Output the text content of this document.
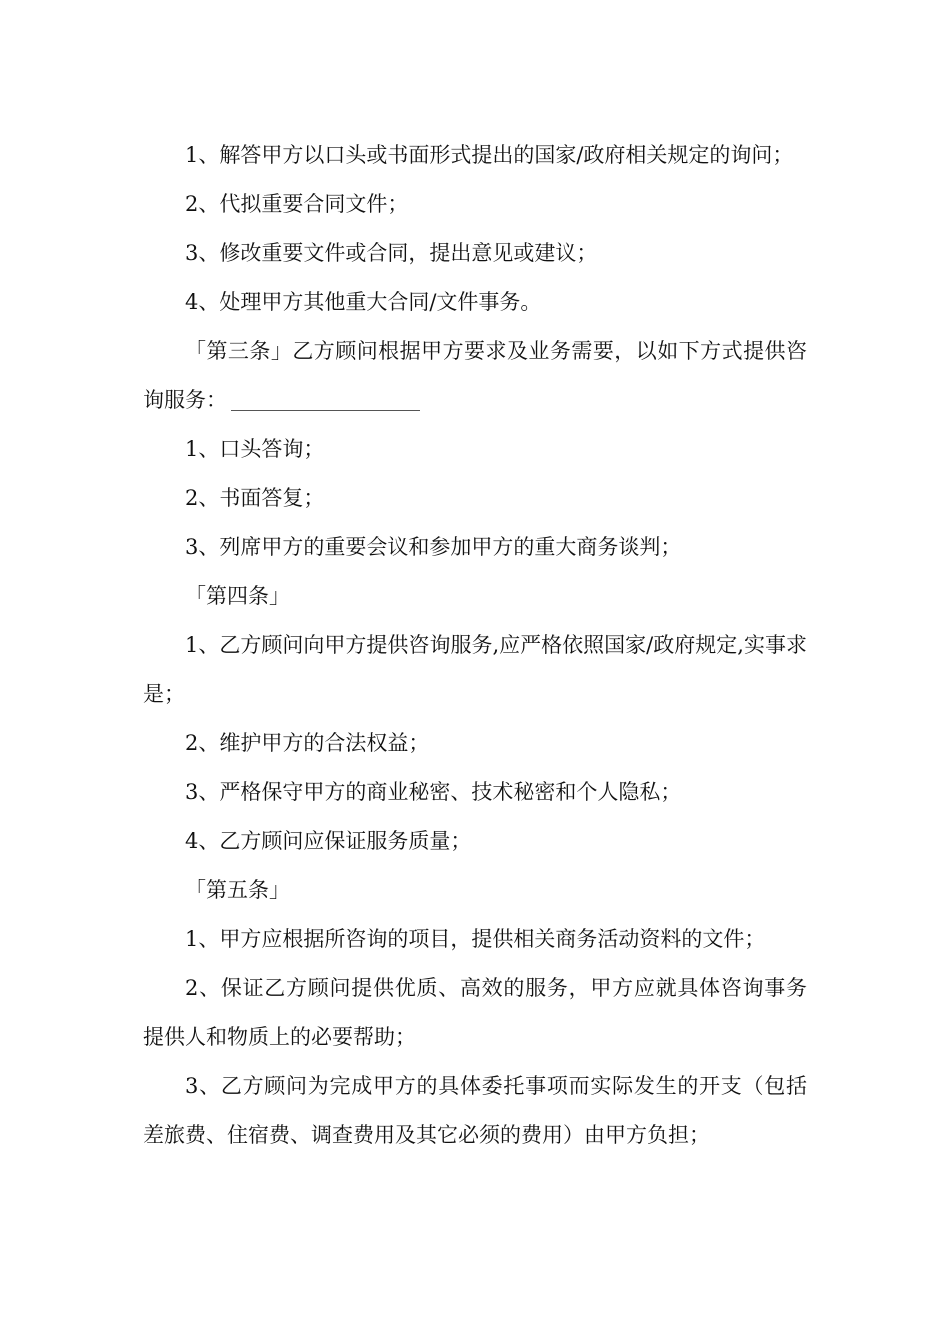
1、解答甲方以口头或书面形式提出的国家/政府相关规定的询问；

2、代拟重要合同文件；

3、修改重要文件或合同，提出意见或建议；

4、处理甲方其他重大合同/文件事务。

「第三条」乙方顾问根据甲方要求及业务需要，以如下方式提供咨询服务：

1、口头答询；

2、书面答复；

3、列席甲方的重要会议和参加甲方的重大商务谈判；

「第四条」

1、乙方顾问向甲方提供咨询服务,应严格依照国家/政府规定,实事求是；

2、维护甲方的合法权益；

3、严格保守甲方的商业秘密、技术秘密和个人隐私；

4、乙方顾问应保证服务质量；

「第五条」

1、甲方应根据所咨询的项目，提供相关商务活动资料的文件；

2、保证乙方顾问提供优质、高效的服务，甲方应就具体咨询事务提供人和物质上的必要帮助；

3、乙方顾问为完成甲方的具体委托事项而实际发生的开支（包括差旅费、住宿费、调查费用及其它必须的费用）由甲方负担；
